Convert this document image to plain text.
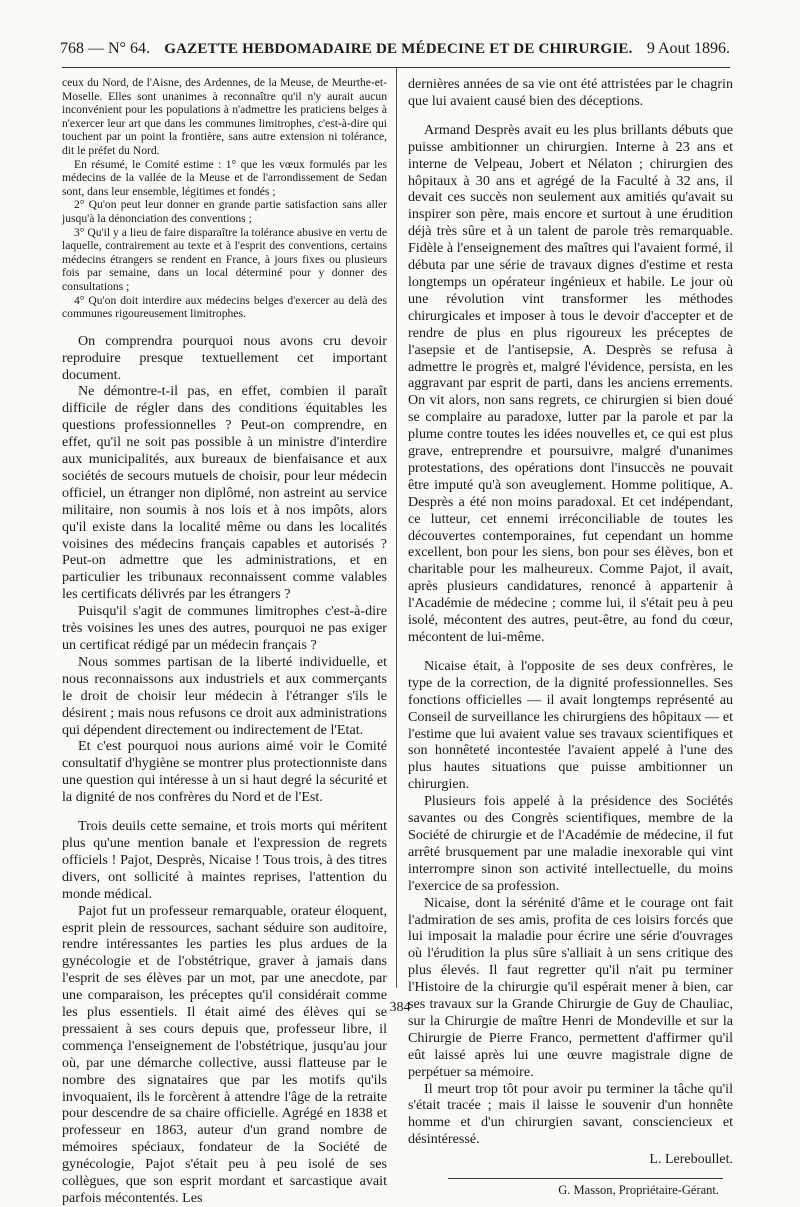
768 — N° 64. GAZETTE HEBDOMADAIRE DE MÉDECINE ET DE CHIRURGIE. 9 Aout 1896.

ceux du Nord, de l'Aisne, des Ardennes, de la Meuse, de Meurthe-et-Moselle. Elles sont unanimes à reconnaître qu'il n'y aurait aucun inconvénient pour les populations à n'admettre les praticiens belges à n'exercer leur art que dans les communes limitrophes, c'est-à-dire qui touchent par un point la frontière, sans autre extension ni tolérance, dit le préfet du Nord.

En résumé, le Comité estime : 1° que les vœux formulés par les médecins de la vallée de la Meuse et de l'arrondissement de Sedan sont, dans leur ensemble, légitimes et fondés ;

2° Qu'on peut leur donner en grande partie satisfaction sans aller jusqu'à la dénonciation des conventions ;

3° Qu'il y a lieu de faire disparaître la tolérance abusive en vertu de laquelle, contrairement au texte et à l'esprit des conventions, certains médecins étrangers se rendent en France, à jours fixes ou plusieurs fois par semaine, dans un local déterminé pour y donner des consultations ;

4° Qu'on doit interdire aux médecins belges d'exercer au delà des communes rigoureusement limitrophes.

On comprendra pourquoi nous avons cru devoir reproduire presque textuellement cet important document.

Ne démontre-t-il pas, en effet, combien il paraît difficile de régler dans des conditions équitables les questions professionnelles ? Peut-on comprendre, en effet, qu'il ne soit pas possible à un ministre d'interdire aux municipalités, aux bureaux de bienfaisance et aux sociétés de secours mutuels de choisir, pour leur médecin officiel, un étranger non diplômé, non astreint au service militaire, non soumis à nos lois et à nos impôts, alors qu'il existe dans la localité même ou dans les localités voisines des médecins français capables et autorisés ? Peut-on admettre que les administrations, et en particulier les tribunaux reconnaissent comme valables les certificats délivrés par les étrangers ?

Puisqu'il s'agit de communes limitrophes c'est-à-dire très voisines les unes des autres, pourquoi ne pas exiger un certificat rédigé par un médecin français ?

Nous sommes partisan de la liberté individuelle, et nous reconnaissons aux industriels et aux commerçants le droit de choisir leur médecin à l'étranger s'ils le désirent ; mais nous refusons ce droit aux administrations qui dépendent directement ou indirectement de l'Etat.

Et c'est pourquoi nous aurions aimé voir le Comité consultatif d'hygiène se montrer plus protectionniste dans une question qui intéresse à un si haut degré la sécurité et la dignité de nos confrères du Nord et de l'Est.

Trois deuils cette semaine, et trois morts qui méritent plus qu'une mention banale et l'expression de regrets officiels ! Pajot, Desprès, Nicaise ! Tous trois, à des titres divers, ont sollicité à maintes reprises, l'attention du monde médical.

Pajot fut un professeur remarquable, orateur éloquent, esprit plein de ressources, sachant séduire son auditoire, rendre intéressantes les parties les plus ardues de la gynécologie et de l'obstétrique, graver à jamais dans l'esprit de ses élèves par un mot, par une anecdote, par une comparaison, les préceptes qu'il considérait comme les plus essentiels. Il était aimé des élèves qui se pressaient à ses cours depuis que, professeur libre, il commença l'enseignement de l'obstétrique, jusqu'au jour où, par une démarche collective, aussi flatteuse par le nombre des signataires que par les motifs qu'ils invoquaient, ils le forcèrent à attendre l'âge de la retraite pour descendre de sa chaire officielle. Agrégé en 1838 et professeur en 1863, auteur d'un grand nombre de mémoires spéciaux, fondateur de la Société de gynécologie, Pajot s'était peu à peu isolé de ses collègues, que son esprit mordant et sarcastique avait parfois mécontentés. Les

dernières années de sa vie ont été attristées par le chagrin que lui avaient causé bien des déceptions.

Armand Desprès avait eu les plus brillants débuts que puisse ambitionner un chirurgien. Interne à 23 ans et interne de Velpeau, Jobert et Nélaton ; chirurgien des hôpitaux à 30 ans et agrégé de la Faculté à 32 ans, il devait ces succès non seulement aux amitiés qu'avait su inspirer son père, mais encore et surtout à une érudition déjà très sûre et à un talent de parole très remarquable. Fidèle à l'enseignement des maîtres qui l'avaient formé, il débuta par une série de travaux dignes d'estime et resta longtemps un opérateur ingénieux et habile. Le jour où une révolution vint transformer les méthodes chirurgicales et imposer à tous le devoir d'accepter et de rendre de plus en plus rigoureux les préceptes de l'asepsie et de l'antisepsie, A. Desprès se refusa à admettre le progrès et, malgré l'évidence, persista, en les aggravant par esprit de parti, dans les anciens errements. On vit alors, non sans regrets, ce chirurgien si bien doué se complaire au paradoxe, lutter par la parole et par la plume contre toutes les idées nouvelles et, ce qui est plus grave, entreprendre et poursuivre, malgré d'unanimes protestations, des opérations dont l'insuccès ne pouvait être imputé qu'à son aveuglement. Homme politique, A. Desprès a été non moins paradoxal. Et cet indépendant, ce lutteur, cet ennemi irréconciliable de toutes les découvertes contemporaines, fut cependant un homme excellent, bon pour les siens, bon pour ses élèves, bon et charitable pour les malheureux. Comme Pajot, il avait, après plusieurs candidatures, renoncé à appartenir à l'Académie de médecine ; comme lui, il s'était peu à peu isolé, mécontent des autres, peut-être, au fond du cœur, mécontent de lui-même.

Nicaise était, à l'opposite de ses deux confrères, le type de la correction, de la dignité professionnelles. Ses fonctions officielles — il avait longtemps représenté au Conseil de surveillance les chirurgiens des hôpitaux — et l'estime que lui avaient value ses travaux scientifiques et son honnêteté incontestée l'avaient appelé à l'une des plus hautes situations que puisse ambitionner un chirurgien.

Plusieurs fois appelé à la présidence des Sociétés savantes ou des Congrès scientifiques, membre de la Société de chirurgie et de l'Académie de médecine, il fut arrêté brusquement par une maladie inexorable qui vint interrompre sinon son activité intellectuelle, du moins l'exercice de sa profession.

Nicaise, dont la sérénité d'âme et le courage ont fait l'admiration de ses amis, profita de ces loisirs forcés que lui imposait la maladie pour écrire une série d'ouvrages où l'érudition la plus sûre s'alliait à un sens critique des plus élevés. Il faut regretter qu'il n'ait pu terminer l'Histoire de la chirurgie qu'il espérait mener à bien, car ses travaux sur la Grande Chirurgie de Guy de Chauliac, sur la Chirurgie de maître Henri de Mondeville et sur la Chirurgie de Pierre Franco, permettent d'affirmer qu'il eût laissé après lui une œuvre magistrale digne de perpétuer sa mémoire.

Il meurt trop tôt pour avoir pu terminer la tâche qu'il s'était tracée ; mais il laisse le souvenir d'un honnête homme et d'un chirurgien savant, consciencieux et désintéressé.

L. Lereboullet.
G. Masson, Propriétaire-Gérant.
384
